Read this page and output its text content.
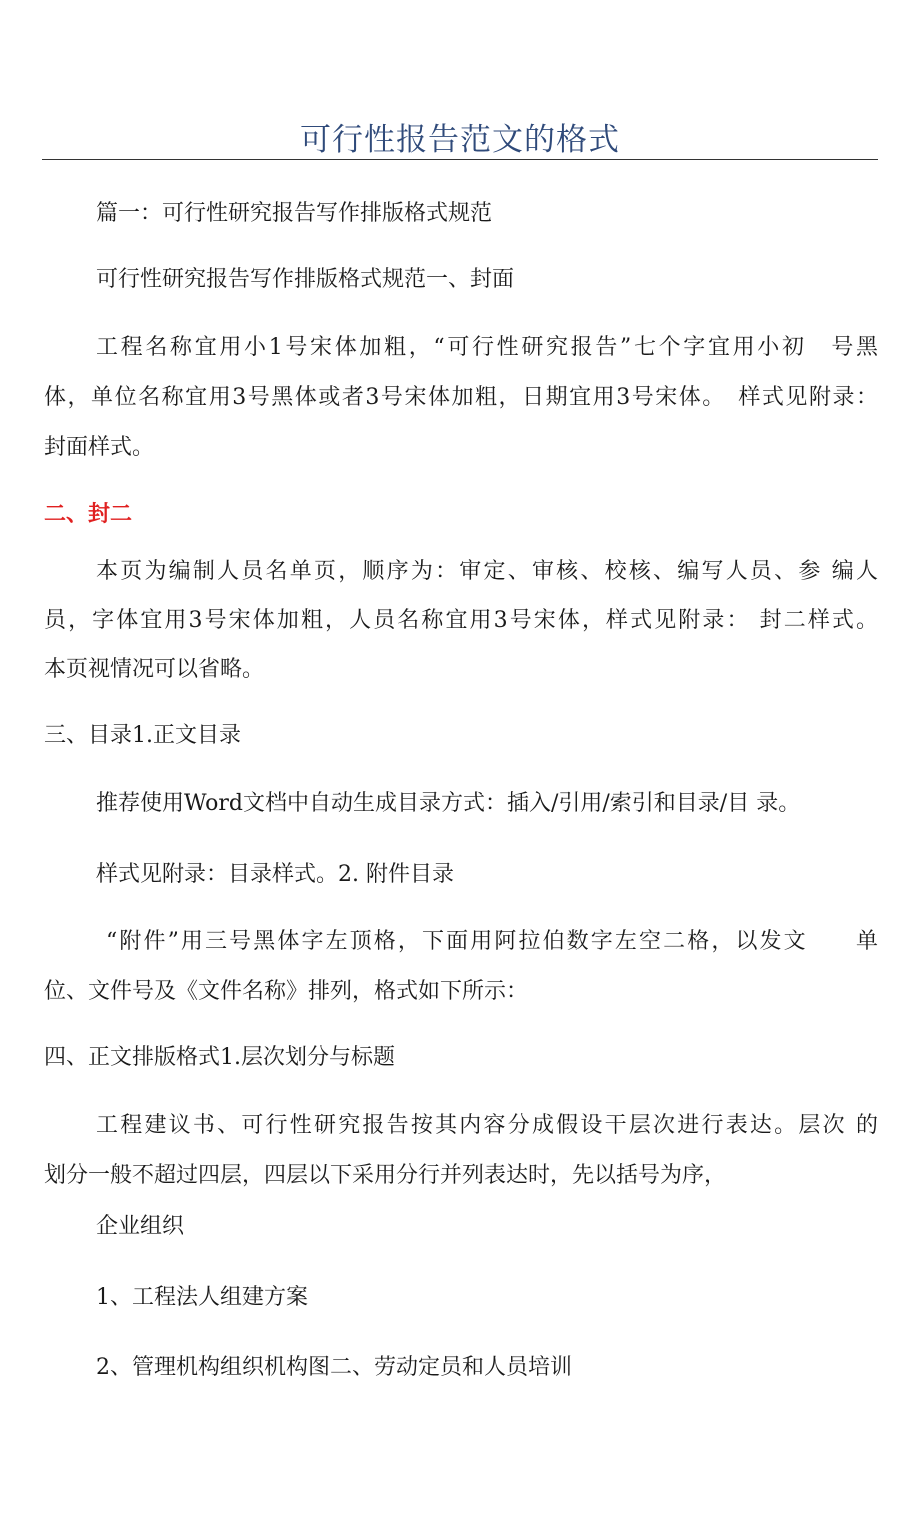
可行性报告范文的格式
篇一：可行性研究报告写作排版格式规范
可行性研究报告写作排版格式规范一、封面
工程名称宜用小1号宋体加粗，“可行性研究报告”七个字宜用小初　号黑
体，单位名称宜用3号黑体或者3号宋体加粗，日期宜用3号宋体。　样式见附录：
封面样式。
二、封二
本页为编制人员名单页，顺序为：审定、审核、校核、编写人员、参 编人
员，字体宜用3号宋体加粗，人员名称宜用3号宋体，样式见附录： 封二样式。
本页视情况可以省略。
三、目录1.正文目录
推荐使用Word文档中自动生成目录方式：插入/引用/索引和目录/目 录。
样式见附录：目录样式。2. 附件目录
“附件”用三号黑体字左顶格，下面用阿拉伯数字左空二格，以发文　　单
位、文件号及《文件名称》排列，格式如下所示：
四、正文排版格式1.层次划分与标题
工程建议书、可行性研究报告按其内容分成假设干层次进行表达。层次 的
划分一般不超过四层，四层以下采用分行并列表达时，先以括号为序，
企业组织
1、工程法人组建方案
2、管理机构组织机构图二、劳动定员和人员培训
